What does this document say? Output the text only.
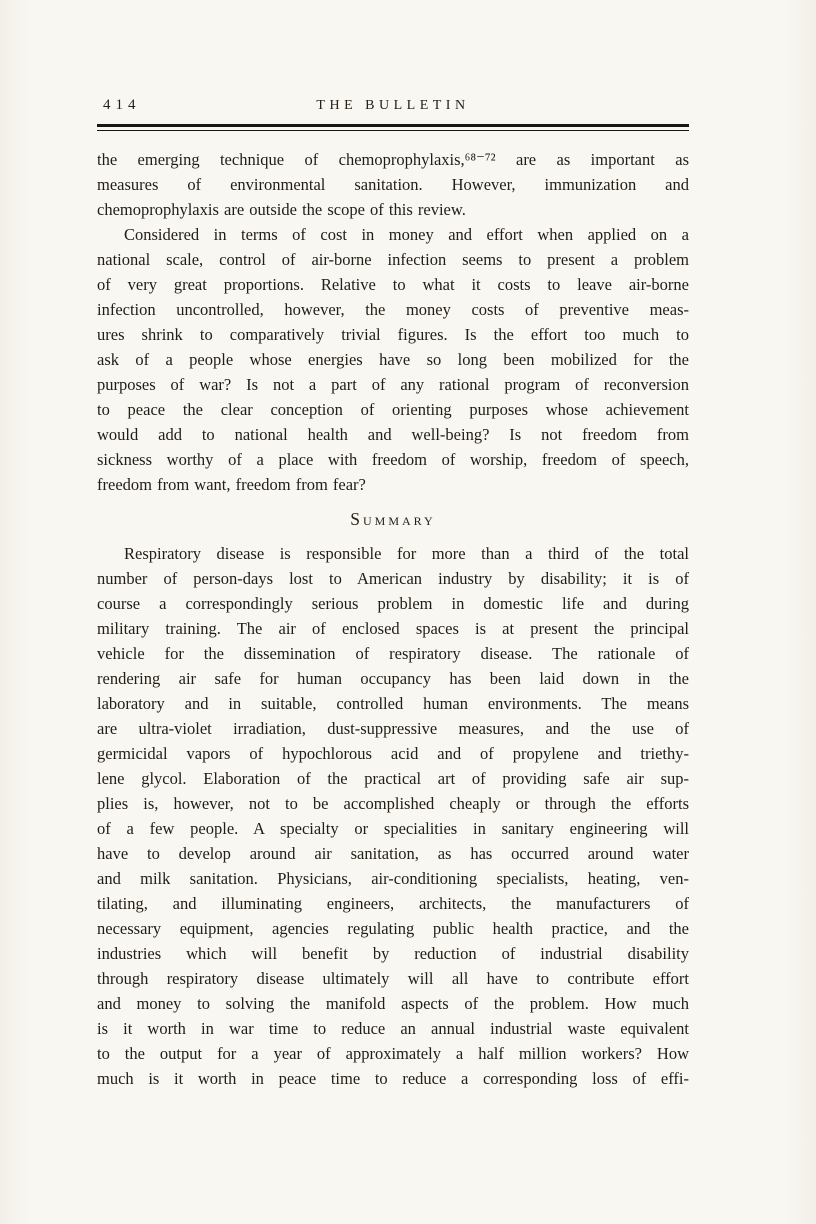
414	THE BULLETIN
the emerging technique of chemoprophylaxis,⁶⁸⁻⁷² are as important as
measures of environmental sanitation. However, immunization and
chemoprophylaxis are outside the scope of this review.
Considered in terms of cost in money and effort when applied on a
national scale, control of air-borne infection seems to present a problem
of very great proportions. Relative to what it costs to leave air-borne
infection uncontrolled, however, the money costs of preventive meas-
ures shrink to comparatively trivial figures. Is the effort too much to
ask of a people whose energies have so long been mobilized for the
purposes of war? Is not a part of any rational program of reconversion
to peace the clear conception of orienting purposes whose achievement
would add to national health and well-being? Is not freedom from
sickness worthy of a place with freedom of worship, freedom of speech,
freedom from want, freedom from fear?
Summary
Respiratory disease is responsible for more than a third of the total
number of person-days lost to American industry by disability; it is of
course a correspondingly serious problem in domestic life and during
military training. The air of enclosed spaces is at present the principal
vehicle for the dissemination of respiratory disease. The rationale of
rendering air safe for human occupancy has been laid down in the
laboratory and in suitable, controlled human environments. The means
are ultra-violet irradiation, dust-suppressive measures, and the use of
germicidal vapors of hypochlorous acid and of propylene and triethy-
lene glycol. Elaboration of the practical art of providing safe air sup-
plies is, however, not to be accomplished cheaply or through the efforts
of a few people. A specialty or specialities in sanitary engineering will
have to develop around air sanitation, as has occurred around water
and milk sanitation. Physicians, air-conditioning specialists, heating, ven-
tilating, and illuminating engineers, architects, the manufacturers of
necessary equipment, agencies regulating public health practice, and the
industries which will benefit by reduction of industrial disability
through respiratory disease ultimately will all have to contribute effort
and money to solving the manifold aspects of the problem. How much
is it worth in war time to reduce an annual industrial waste equivalent
to the output for a year of approximately a half million workers? How
much is it worth in peace time to reduce a corresponding loss of effi-
